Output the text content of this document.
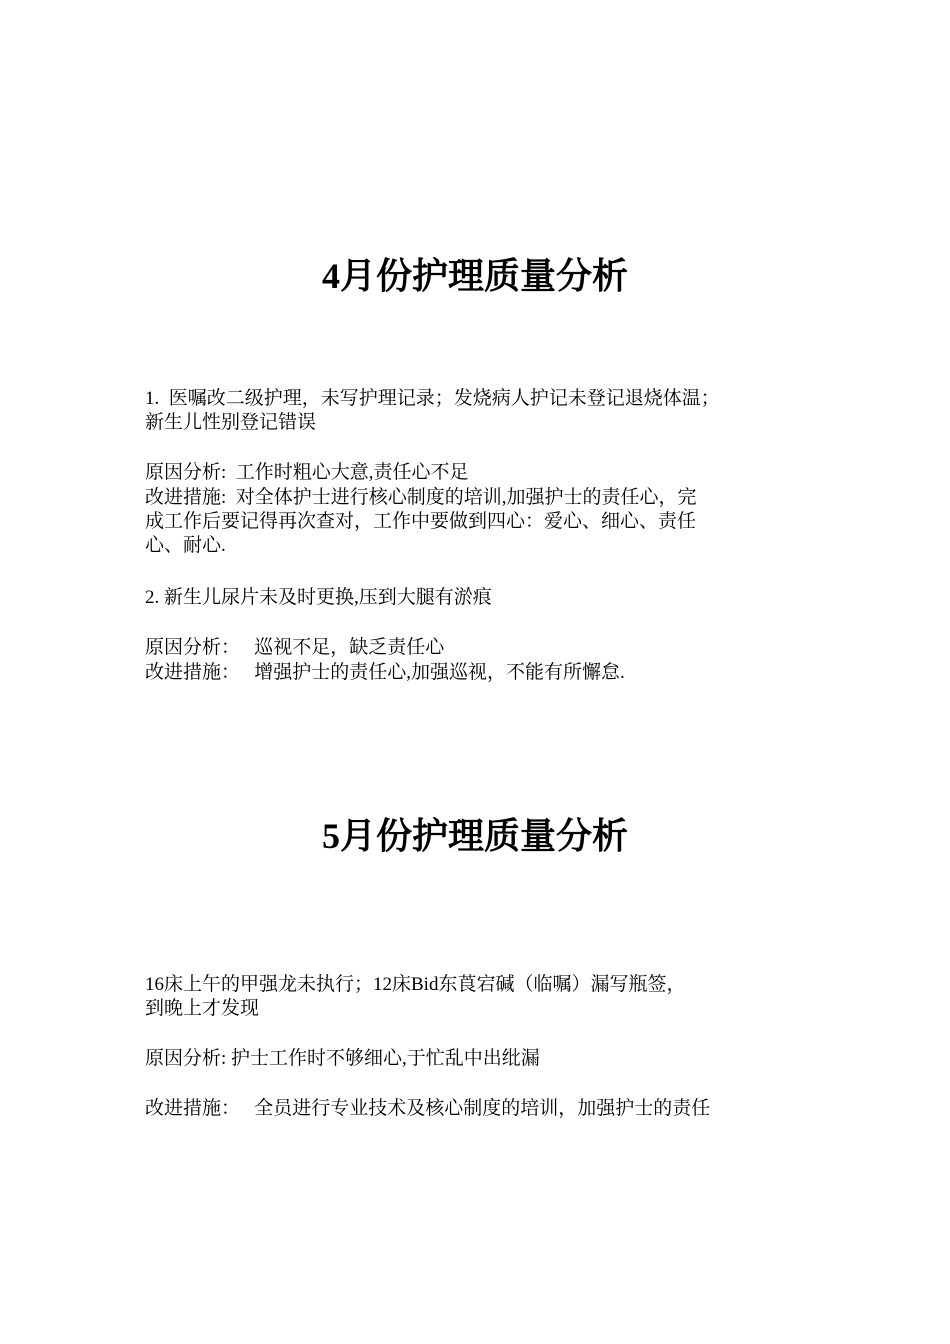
4月份护理质量分析
1.  医嘱改二级护理，未写护理记录；发烧病人护记未登记退烧体温；
新生儿性别登记错误
原因分析:  工作时粗心大意,责任心不足
改进措施:  对全体护士进行核心制度的培训,加强护士的责任心，完
成工作后要记得再次查对，工作中要做到四心：爱心、细心、责任
心、耐心.
2. 新生儿尿片未及时更换,压到大腿有淤痕
原因分析：   巡视不足，缺乏责任心
改进措施：   增强护士的责任心,加强巡视，不能有所懈怠.
5月份护理质量分析
16床上午的甲强龙未执行；12床Bid东莨宕碱（临嘱）漏写瓶签，
到晚上才发现
原因分析: 护士工作时不够细心,于忙乱中出纰漏
改进措施：   全员进行专业技术及核心制度的培训，加强护士的责任
